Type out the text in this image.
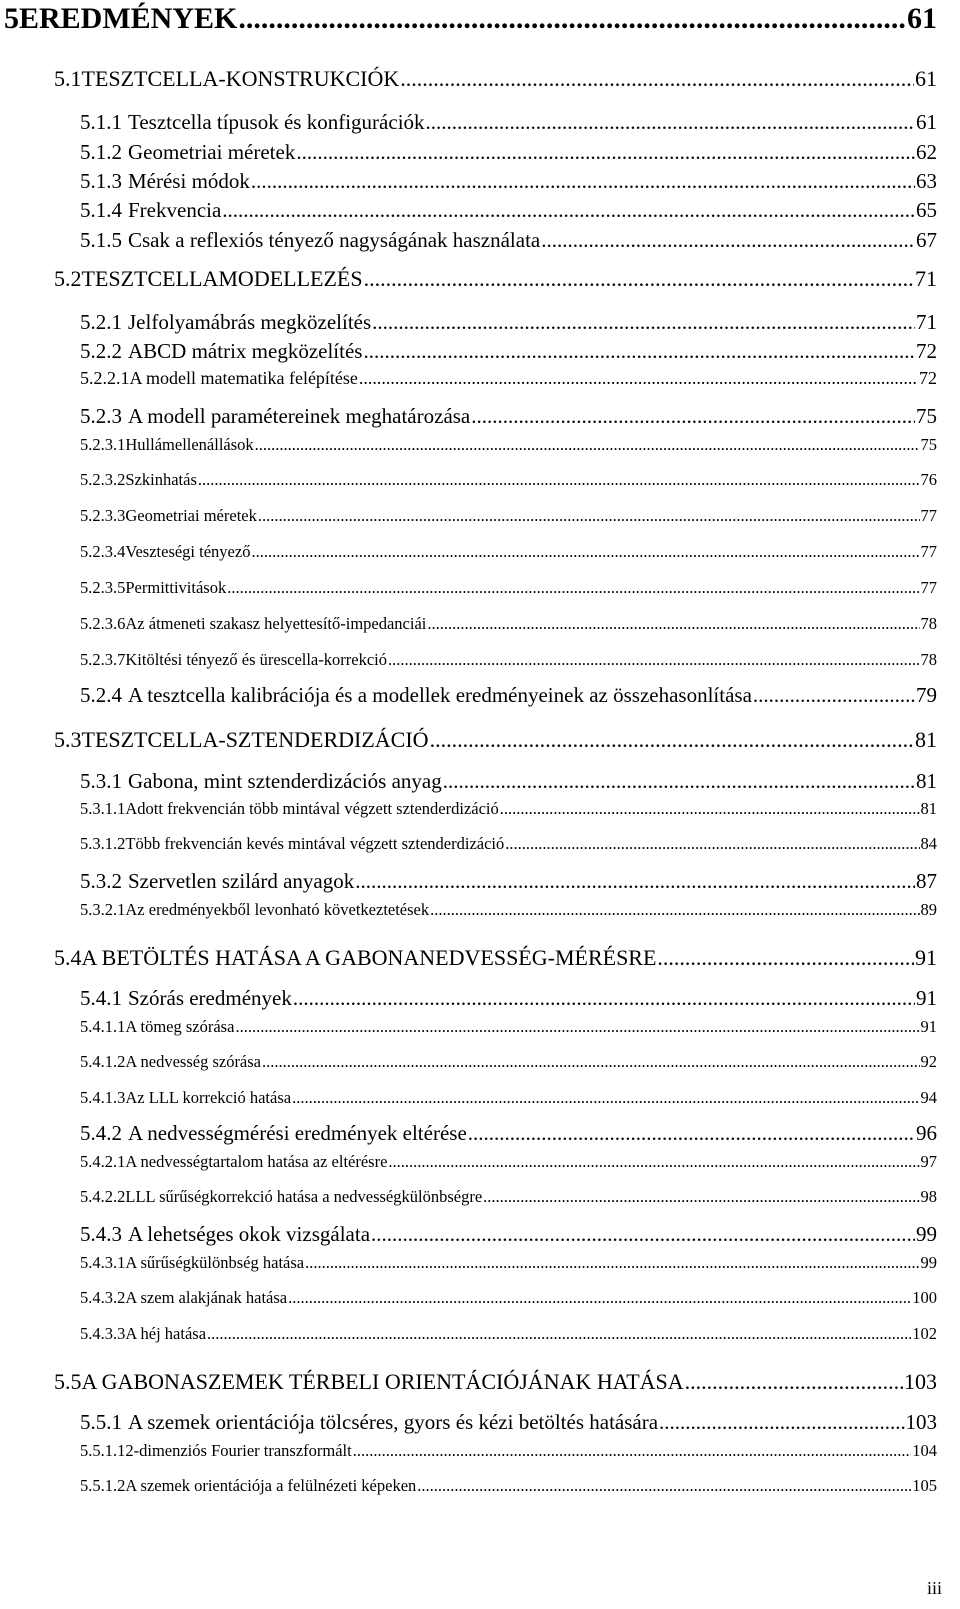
5 EREDMÉNYEK .....	61
5.1 TESZTCELLA-KONSTRUKCIÓK .....	61
5.1.1 Tesztcella típusok és konfigurációk .....	61
5.1.2 Geometriai méretek .....	62
5.1.3 Mérési módok .....	63
5.1.4 Frekvencia .....	65
5.1.5 Csak a reflexiós tényező nagyságának használata .....	67
5.2 TESZTCELLAMODELLEZÉS .....	71
5.2.1 Jelfolyamábrás megközelítés .....	71
5.2.2 ABCD mátrix megközelítés .....	72
5.2.2.1 A modell matematika felépítése .....	72
5.2.3 A modell paramétereinek meghatározása .....	75
5.2.3.1 Hullámellenállások .....	75
5.2.3.2 Szkinhatás .....	76
5.2.3.3 Geometriai méretek .....	77
5.2.3.4 Veszteségi tényező .....	77
5.2.3.5 Permittivitások .....	77
5.2.3.6 Az átmeneti szakasz helyettesítő-impedanciái .....	78
5.2.3.7 Kitöltési tényező és ürescella-korrekció .....	78
5.2.4 A tesztcella kalibrációja és a modellek eredményeinek az összehasonlítása .....	79
5.3 TESZTCELLA-SZTENDERDIZÁCIÓ .....	81
5.3.1 Gabona, mint sztenderdizációs anyag .....	81
5.3.1.1 Adott frekvencián több mintával végzett sztenderdizáció .....	81
5.3.1.2 Több frekvencián kevés mintával végzett sztenderdizáció .....	84
5.3.2 Szervetlen szilárd anyagok .....	87
5.3.2.1 Az eredményekből levonható következtetések .....	89
5.4 A BETÖLTÉS HATÁSA A GABONANEDVESSÉG-MÉRÉSRE .....	91
5.4.1 Szórás eredmények .....	91
5.4.1.1 A tömeg szórása .....	91
5.4.1.2 A nedvesség szórása .....	92
5.4.1.3 Az LLL korrekció hatása .....	94
5.4.2 A nedvességmérési eredmények eltérése .....	96
5.4.2.1 A nedvességtartalom hatása az eltérésre .....	97
5.4.2.2 LLL sűrűségkorrekció hatása a nedvességkülönbségre .....	98
5.4.3 A lehetséges okok vizsgálata .....	99
5.4.3.1 A sűrűségkülönbség hatása .....	99
5.4.3.2 A szem alakjának hatása .....	100
5.4.3.3 A héj hatása .....	102
5.5 A GABONASZEMEK TÉRBELI ORIENTÁCIÓJÁNAK HATÁSA .....	103
5.5.1 A szemek orientációja tölcséres, gyors és kézi betöltés hatására .....	103
5.5.1.1 2-dimenziós Fourier transzformált .....	104
5.5.1.2 A szemek orientációja a felülnézeti képeken .....	105
iii
